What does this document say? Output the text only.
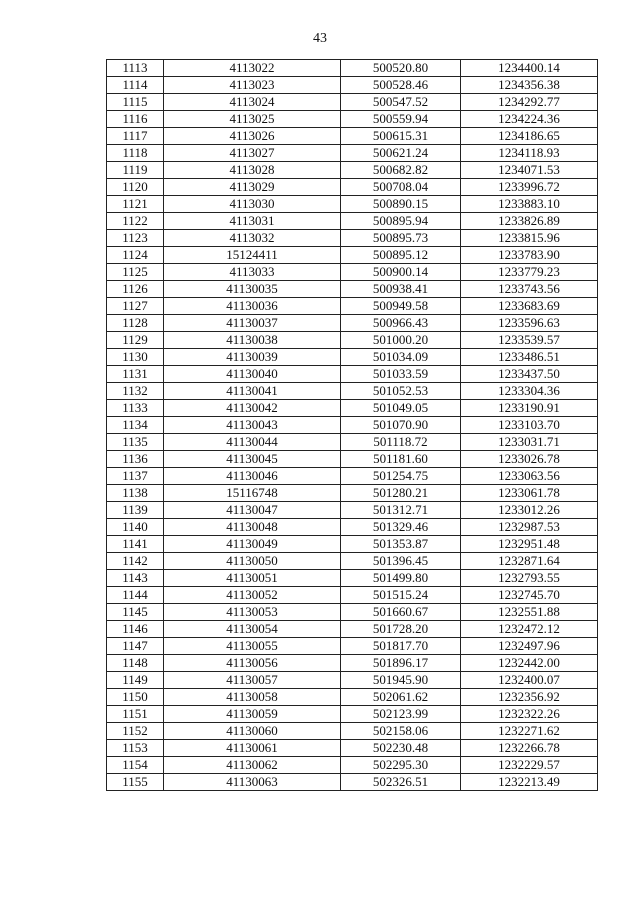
43
1113	4113022	500520.80	1234400.14
1114	4113023	500528.46	1234356.38
1115	4113024	500547.52	1234292.77
1116	4113025	500559.94	1234224.36
1117	4113026	500615.31	1234186.65
1118	4113027	500621.24	1234118.93
1119	4113028	500682.82	1234071.53
1120	4113029	500708.04	1233996.72
1121	4113030	500890.15	1233883.10
1122	4113031	500895.94	1233826.89
1123	4113032	500895.73	1233815.96
1124	15124411	500895.12	1233783.90
1125	4113033	500900.14	1233779.23
1126	41130035	500938.41	1233743.56
1127	41130036	500949.58	1233683.69
1128	41130037	500966.43	1233596.63
1129	41130038	501000.20	1233539.57
1130	41130039	501034.09	1233486.51
1131	41130040	501033.59	1233437.50
1132	41130041	501052.53	1233304.36
1133	41130042	501049.05	1233190.91
1134	41130043	501070.90	1233103.70
1135	41130044	501118.72	1233031.71
1136	41130045	501181.60	1233026.78
1137	41130046	501254.75	1233063.56
1138	15116748	501280.21	1233061.78
1139	41130047	501312.71	1233012.26
1140	41130048	501329.46	1232987.53
1141	41130049	501353.87	1232951.48
1142	41130050	501396.45	1232871.64
1143	41130051	501499.80	1232793.55
1144	41130052	501515.24	1232745.70
1145	41130053	501660.67	1232551.88
1146	41130054	501728.20	1232472.12
1147	41130055	501817.70	1232497.96
1148	41130056	501896.17	1232442.00
1149	41130057	501945.90	1232400.07
1150	41130058	502061.62	1232356.92
1151	41130059	502123.99	1232322.26
1152	41130060	502158.06	1232271.62
1153	41130061	502230.48	1232266.78
1154	41130062	502295.30	1232229.57
1155	41130063	502326.51	1232213.49
